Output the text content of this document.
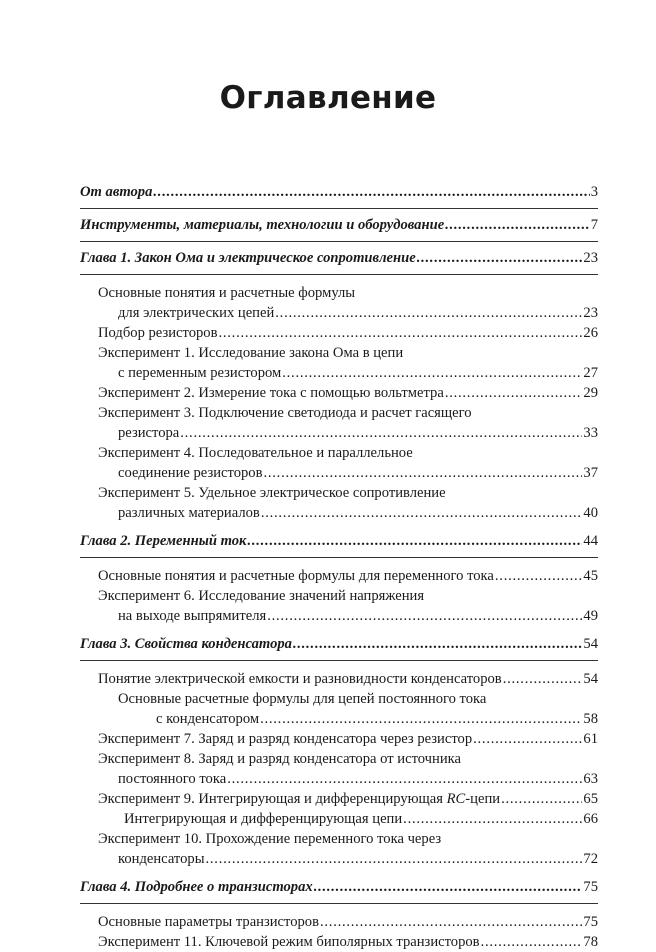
Оглавление
От автора . . .	3
Инструменты, материалы, технологии и оборудование . . .	7
Глава 1. Закон Ома и электрическое сопротивление . . .	23
Основные понятия и расчетные формулы
для электрических цепей . . .	23
Подбор резисторов . . .	26
Эксперимент 1. Исследование закона Ома в цепи
с переменным резистором . . .	27
Эксперимент 2. Измерение тока с помощью вольтметра . . .	29
Эксперимент 3. Подключение светодиода и расчет гасящего
резистора . . .	33
Эксперимент 4. Последовательное и параллельное
соединение резисторов . . .	37
Эксперимент 5. Удельное электрическое сопротивление
различных материалов . . .	40
Глава 2. Переменный ток . . .	44
Основные понятия и расчетные формулы для переменного тока . . .	45
Эксперимент 6. Исследование значений напряжения
на выходе выпрямителя . . .	49
Глава 3. Свойства конденсатора . . .	54
Понятие электрической емкости и разновидности конденсаторов . . .	54
Основные расчетные формулы для цепей постоянного тока
с конденсатором . . .	58
Эксперимент 7. Заряд и разряд конденсатора через резистор . . .	61
Эксперимент 8. Заряд и разряд конденсатора от источника
постоянного тока . . .	63
Эксперимент 9. Интегрирующая и дифференцирующая RC-цепи . . .	65
Интегрирующая и дифференцирующая цепи . . .	66
Эксперимент 10. Прохождение переменного тока через
конденсаторы . . .	72
Глава 4. Подробнее о транзисторах . . .	75
Основные параметры транзисторов . . .	75
Эксперимент 11. Ключевой режим биполярных транзисторов . . .	78
